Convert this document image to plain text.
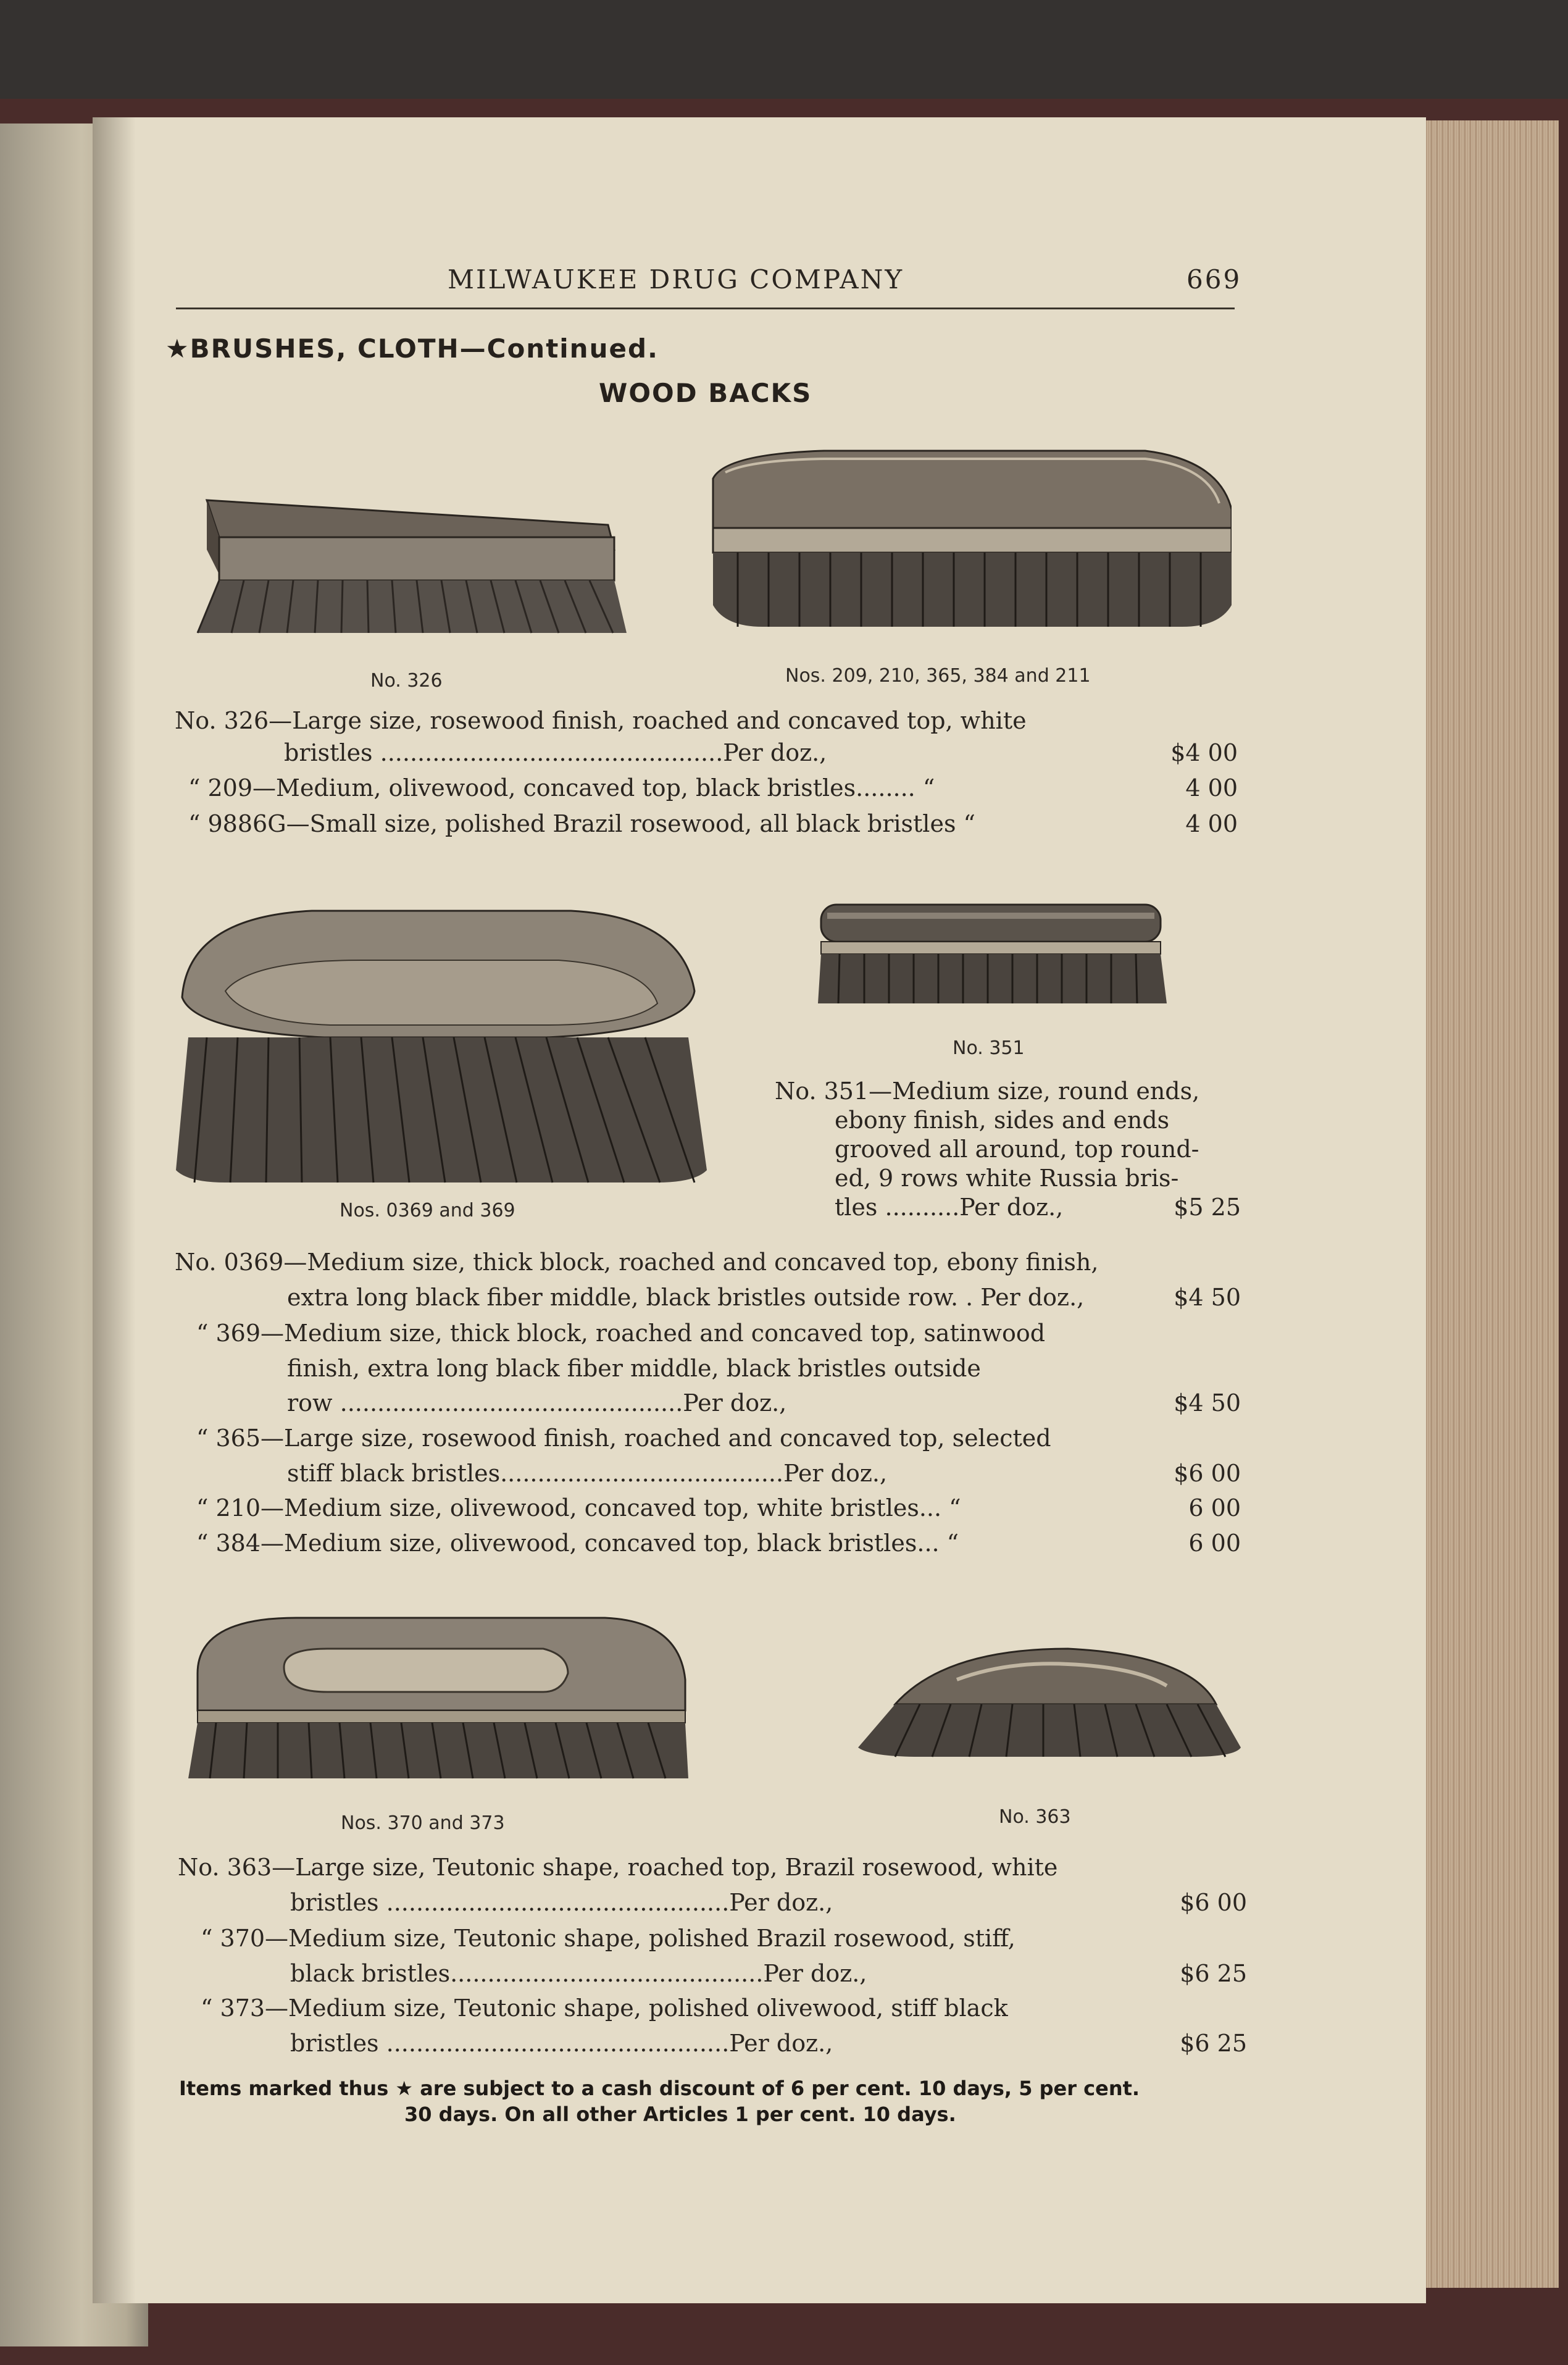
MILWAUKEE DRUG COMPANY	669
★BRUSHES, CLOTH—Continued.
WOOD BACKS
No. 326	Nos. 209, 210, 365, 384 and 211
No. 326—Large size, rosewood finish, roached and concaved top, white
bristles ..............................................Per doz.,	$4 00
“ 209—Medium, olivewood, concaved top, black bristles........ “	4 00
“ 9886G—Small size, polished Brazil rosewood, all black bristles “	4 00
Nos. 0369 and 369
No. 351
No. 351—Medium size, round ends,
ebony finish, sides and ends
grooved all around, top round-
ed, 9 rows white Russia bris-
tles ..........Per doz.,	$5 25
No. 0369—Medium size, thick block, roached and concaved top, ebony finish,
extra long black fiber middle, black bristles outside row. . Per doz.,	$4 50
“ 369—Medium size, thick block, roached and concaved top, satinwood
finish, extra long black fiber middle, black bristles outside
row ..............................................Per doz.,	$4 50
“ 365—Large size, rosewood finish, roached and concaved top, selected
stiff black bristles......................................Per doz.,	$6 00
“ 210—Medium size, olivewood, concaved top, white bristles... “	6 00
“ 384—Medium size, olivewood, concaved top, black bristles... “	6 00
Nos. 370 and 373	No. 363
No. 363—Large size, Teutonic shape, roached top, Brazil rosewood, white
bristles ..............................................Per doz.,	$6 00
“ 370—Medium size, Teutonic shape, polished Brazil rosewood, stiff,
black bristles..........................................Per doz.,	$6 25
“ 373—Medium size, Teutonic shape, polished olivewood, stiff black
bristles ..............................................Per doz.,	$6 25
Items marked thus ★ are subject to a cash discount of 6 per cent. 10 days, 5 per cent.
30 days. On all other Articles 1 per cent. 10 days.
